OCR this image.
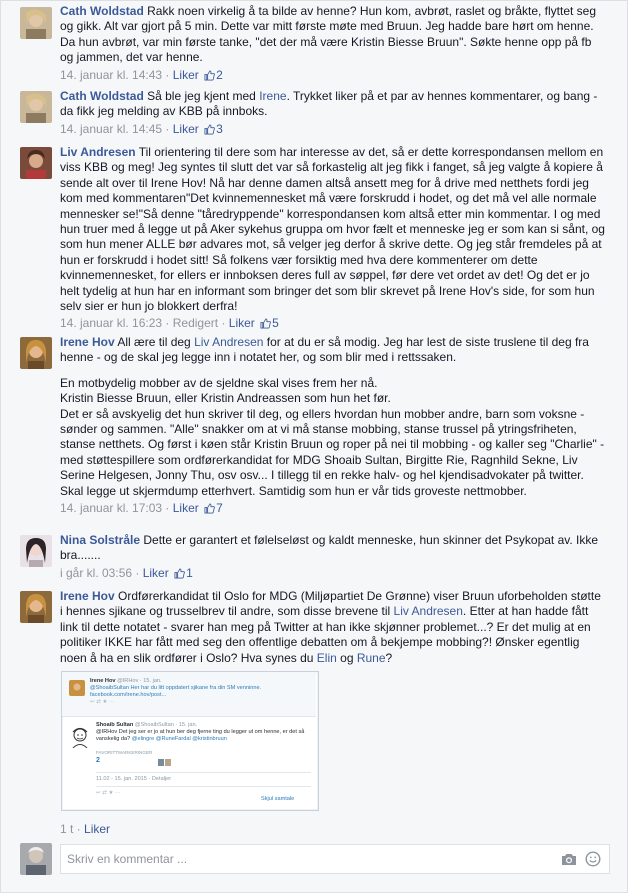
Cath Woldstad Rakk noen virkelig å ta bilde av henne? Hun kom, avbrøt, raslet og bråkte, flyttet seg og gikk. Alt var gjort på 5 min. Dette var mitt første møte med Bruun. Jeg hadde bare hørt om henne. Da hun avbrøt, var min første tanke, "det der må være Kristin Biesse Bruun". Søkte henne opp på fb og jammen, det var henne.

14. januar kl. 14:43 · Liker 2

Cath Woldstad Så ble jeg kjent med Irene. Trykket liker på et par av hennes kommentarer, og bang - da fikk jeg melding av KBB på innboks.

14. januar kl. 14:45 · Liker 3

Liv Andresen Til orientering til dere som har interesse av det, så er dette korrespondansen mellom en viss KBB og meg! Jeg syntes til slutt det var så forkastelig alt jeg fikk i fanget, så jeg valgte å kopiere å sende alt over til Irene Hov! Nå har denne damen altså ansett meg for å drive med netthets fordi jeg kom med kommentaren"Det kvinnemennesket må være forskrudd i hodet, og det må vel alle normale mennesker se!"Så denne "tåredryppende" korrespondansen kom altså etter min kommentar. I og med hun truer med å legge ut på Aker sykehus gruppa om hvor fælt et menneske jeg er som kan si sånt, og som hun mener ALLE bør advares mot, så velger jeg derfor å skrive dette. Og jeg står fremdeles på at hun er forskrudd i hodet sitt! Så folkens vær forsiktig med hva dere kommenterer om dette kvinnemennesket, for ellers er innboksen deres full av søppel, før dere vet ordet av det! Og det er jo helt tydelig at hun har en informant som bringer det som blir skrevet på Irene Hov's side, for som hun selv sier er hun jo blokkert derfra!

14. januar kl. 16:23 · Redigert · Liker 5

Irene Hov All ære til deg Liv Andresen for at du er så modig. Jeg har lest de siste truslene til deg fra henne - og de skal jeg legge inn i notatet her, og som blir med i rettssaken.

En motbydelig mobber av de sjeldne skal vises frem her nå.
Kristin Biesse Bruun, eller Kristin Andreassen som hun het før.
Det er så avskyelig det hun skriver til deg, og ellers hvordan hun mobber andre, barn som voksne - sønder og sammen. "Alle" snakker om at vi må stanse mobbing, stanse trussel på ytringsfriheten, stanse netthets. Og først i køen står Kristin Bruun og roper på nei til mobbing - og kaller seg "Charlie" - med støttespillere som ordførerkandidat for MDG Shoaib Sultan, Birgitte Rie, Ragnhild Sekne, Liv Serine Helgesen, Jonny Thu, osv osv... I tillegg til en rekke halv- og hel kjendisadvokater på twitter. Skal legge ut skjermdump etterhvert. Samtidig som hun er vår tids groveste nettmobber.

14. januar kl. 17:03 · Liker 7

Nina Solstråle Dette er garantert et følelseløst og kaldt menneske, hun skinner det Psykopat av. Ikke bra.......

i går kl. 03:56 · Liker 1

Irene Hov Ordførerkandidat til Oslo for MDG (Miljøpartiet De Grønne) viser Bruun uforbeholden støtte i hennes sjikane og trusselbrev til andre, som disse brevene til Liv Andresen. Etter at han hadde fått link til dette notatet - svarer han meg på Twitter at han ikke skjønner problemet...? Er det mulig at en politiker IKKE har fått med seg den offentlige debatten om å bekjempe mobbing?! Ønsker egentlig noen å ha en slik ordfører i Oslo? Hva synes du Elin og Rune?

Irene Hov @IRHov · 15. jan.
@ShoaibSultan Her har du litt oppdatert sjikane fra din SM venninne. facebook.com/irene.hov/post...
↩ ⇄ ★ ···
Shoaib Sultan @ShoaibSultan · 15. jan.
@IRHov Det jeg ser er jo at hun ber deg fjerne ting du legger ut om henne, er det så vanskelig da? @elingre @RuneFardal @kristinbruun
FAVORITTMARKERINGER
2
11.02 - 15. jan. 2015 · Detaljer
↩ ⇄ ★ ···
Skjul samtale
1 t · Liker
Skriv en kommentar ...
